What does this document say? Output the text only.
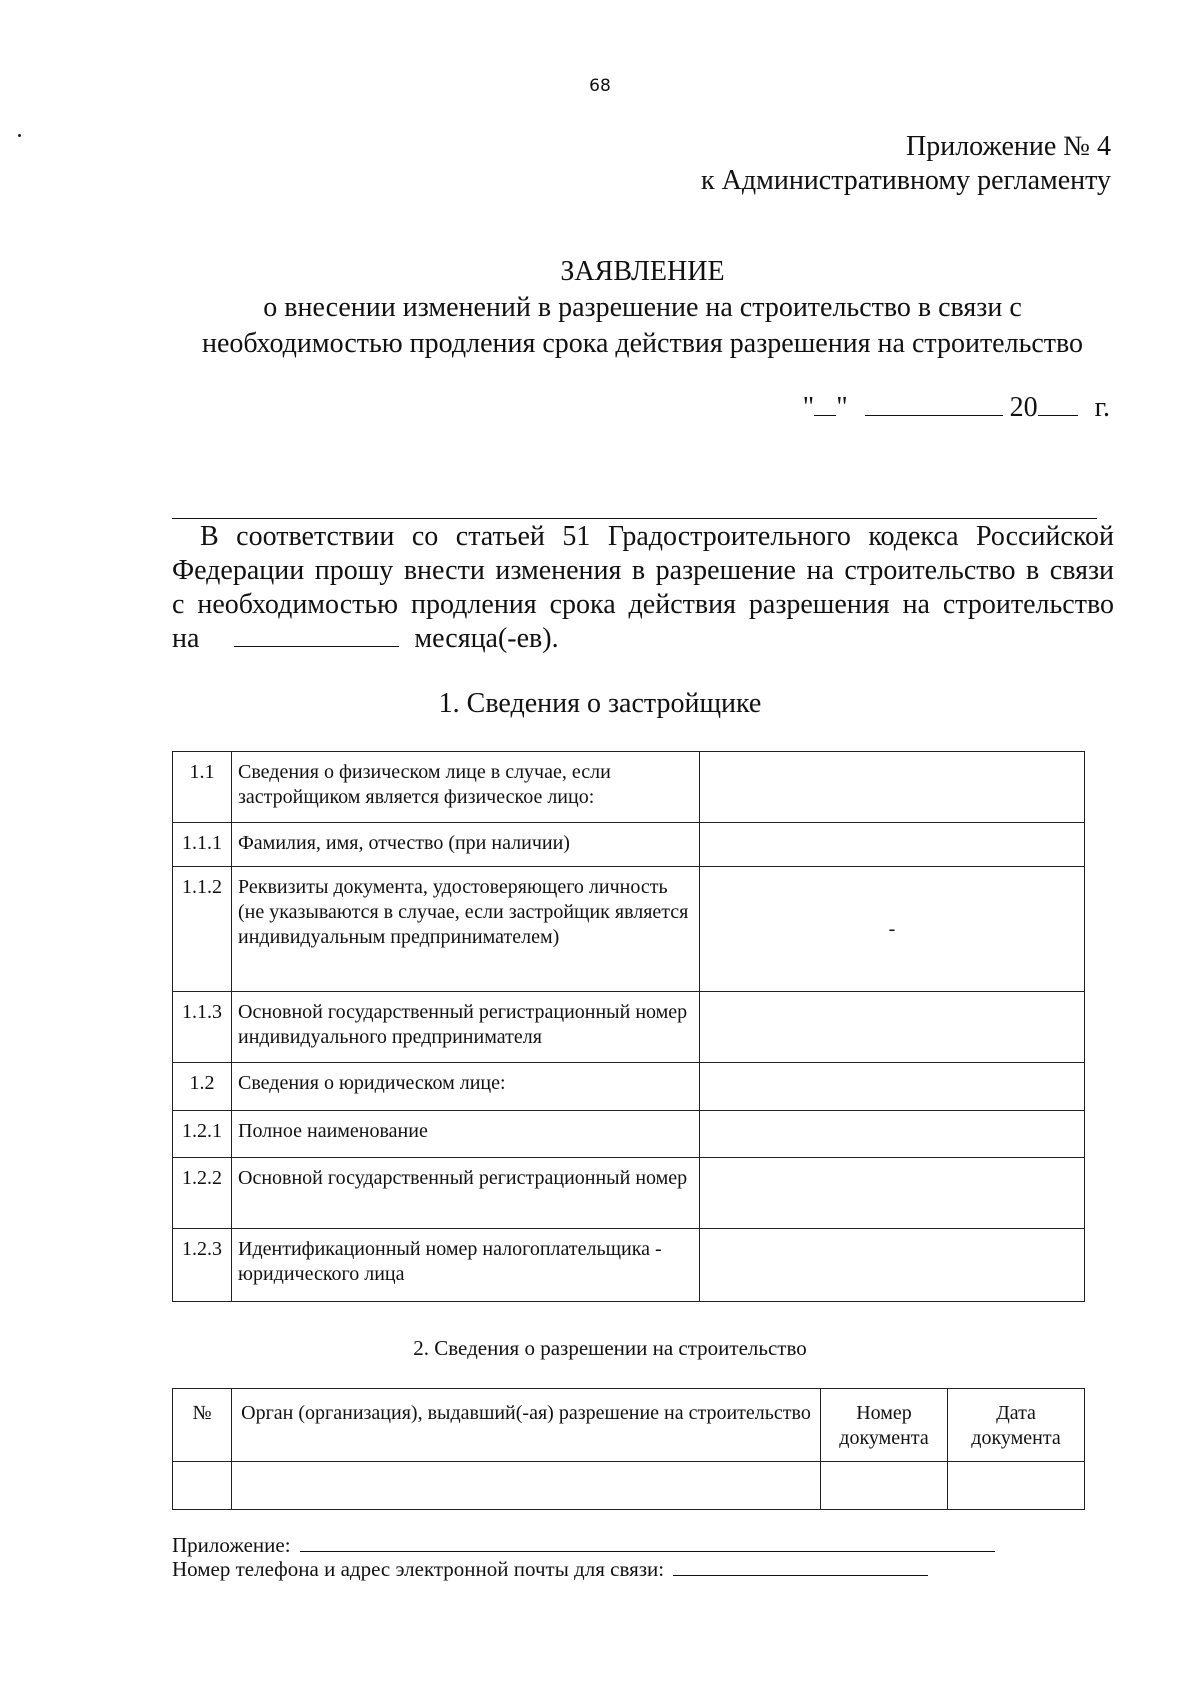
68
Приложение № 4
к Административному регламенту
ЗАЯВЛЕНИЕ
о внесении изменений в разрешение на строительство в связи с
необходимостью продления срока действия разрешения на строительство
" "	20 г.
В соответствии со статьей 51 Градостроительного кодекса Российской
Федерации прошу внести изменения в разрешение на строительство в связи
с необходимостью продления срока действия разрешения на строительство
на	месяца(-ев).
1. Сведения о застройщике
1.1	Сведения о физическом лице в случае, если застройщиком является физическое лицо:	
1.1.1	Фамилия, имя, отчество (при наличии)	
1.1.2	Реквизиты документа, удостоверяющего личность (не указываются в случае, если застройщик является индивидуальным предпринимателем)	-
1.1.3	Основной государственный регистрационный номер индивидуального предпринимателя	
1.2	Сведения о юридическом лице:	
1.2.1	Полное наименование	
1.2.2	Основной государственный регистрационный номер	
1.2.3	Идентификационный номер налогоплательщика - юридического лица	
2. Сведения о разрешении на строительство
№	Орган (организация), выдавший(-ая) разрешение на строительство	Номер документа	Дата документа

Приложение:
Номер телефона и адрес электронной почты для связи:
